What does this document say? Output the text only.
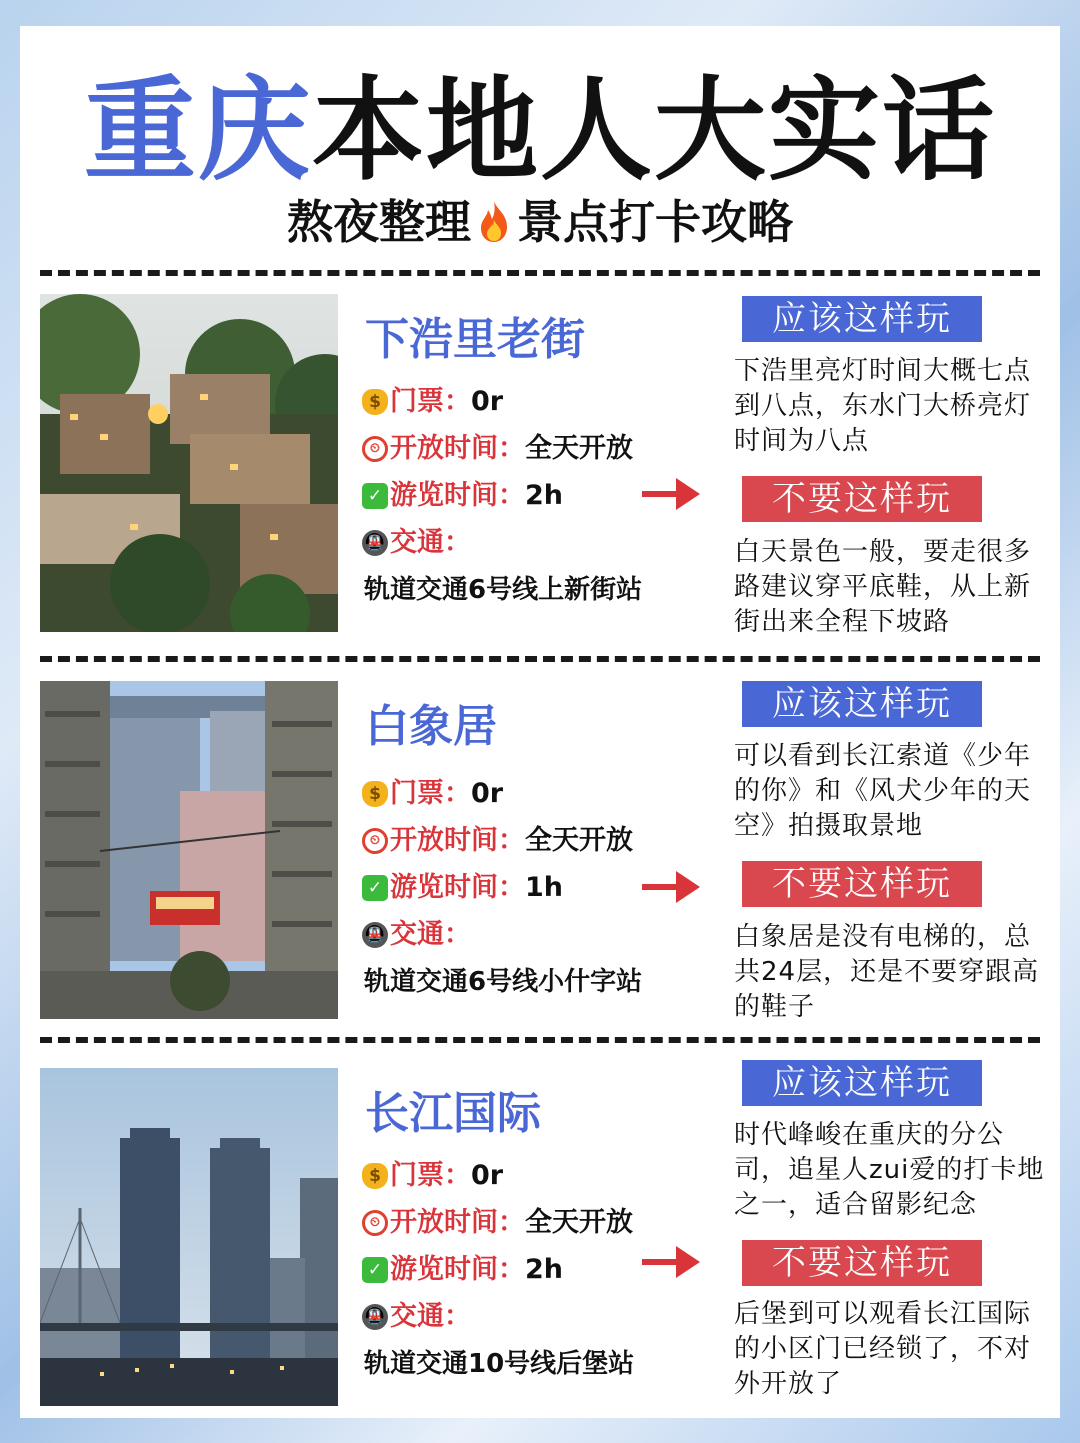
重庆本地人大实话
熬夜整理 景点打卡攻略
下浩里老街
$ 门票： 0r
⏲ 开放时间： 全天开放
✓ 游览时间： 2h
🚇 交通：
轨道交通6号线上新街站
应该这样玩
下浩里亮灯时间大概七点到八点，东水门大桥亮灯时间为八点
不要这样玩
白天景色一般，要走很多路建议穿平底鞋，从上新街出来全程下坡路
白象居
$ 门票： 0r
⏲ 开放时间： 全天开放
✓ 游览时间： 1h
🚇 交通：
轨道交通6号线小什字站
应该这样玩
可以看到长江索道《少年的你》和《风犬少年的天空》拍摄取景地
不要这样玩
白象居是没有电梯的，总共24层，还是不要穿跟高的鞋子
长江国际
$ 门票： 0r
⏲ 开放时间： 全天开放
✓ 游览时间： 2h
🚇 交通：
轨道交通10号线后堡站
应该这样玩
时代峰峻在重庆的分公司，追星人zui爱的打卡地之一，适合留影纪念
不要这样玩
后堡到可以观看长江国际的小区门已经锁了，不对外开放了
